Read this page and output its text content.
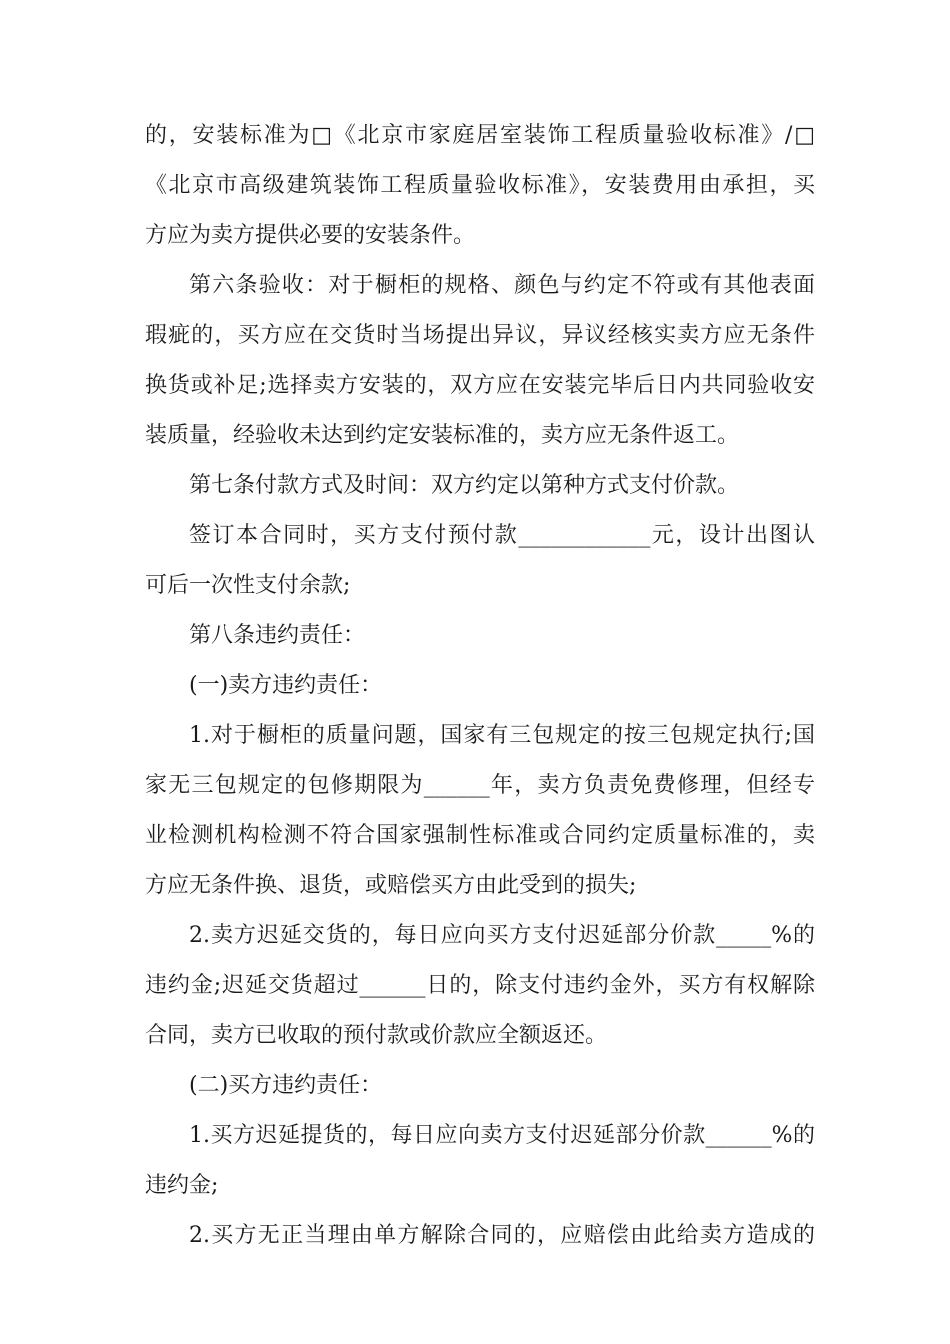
的，安装标准为□《北京市家庭居室装饰工程质量验收标准》/□
《北京市高级建筑装饰工程质量验收标准》，安装费用由承担，买
方应为卖方提供必要的安装条件。
第六条验收：对于橱柜的规格、颜色与约定不符或有其他表面
瑕疵的，买方应在交货时当场提出异议，异议经核实卖方应无条件
换货或补足;选择卖方安装的，双方应在安装完毕后日内共同验收安
装质量，经验收未达到约定安装标准的，卖方应无条件返工。
第七条付款方式及时间：双方约定以第种方式支付价款。
签订本合同时，买方支付预付款____________元，设计出图认
可后一次性支付余款;
第八条违约责任：
(一)卖方违约责任：
1.对于橱柜的质量问题，国家有三包规定的按三包规定执行;国
家无三包规定的包修期限为______年，卖方负责免费修理，但经专
业检测机构检测不符合国家强制性标准或合同约定质量标准的，卖
方应无条件换、退货，或赔偿买方由此受到的损失;
2.卖方迟延交货的，每日应向买方支付迟延部分价款_____%的
违约金;迟延交货超过______日的，除支付违约金外，买方有权解除
合同，卖方已收取的预付款或价款应全额返还。
(二)买方违约责任：
1.买方迟延提货的，每日应向卖方支付迟延部分价款______%的
违约金;
2.买方无正当理由单方解除合同的，应赔偿由此给卖方造成的
